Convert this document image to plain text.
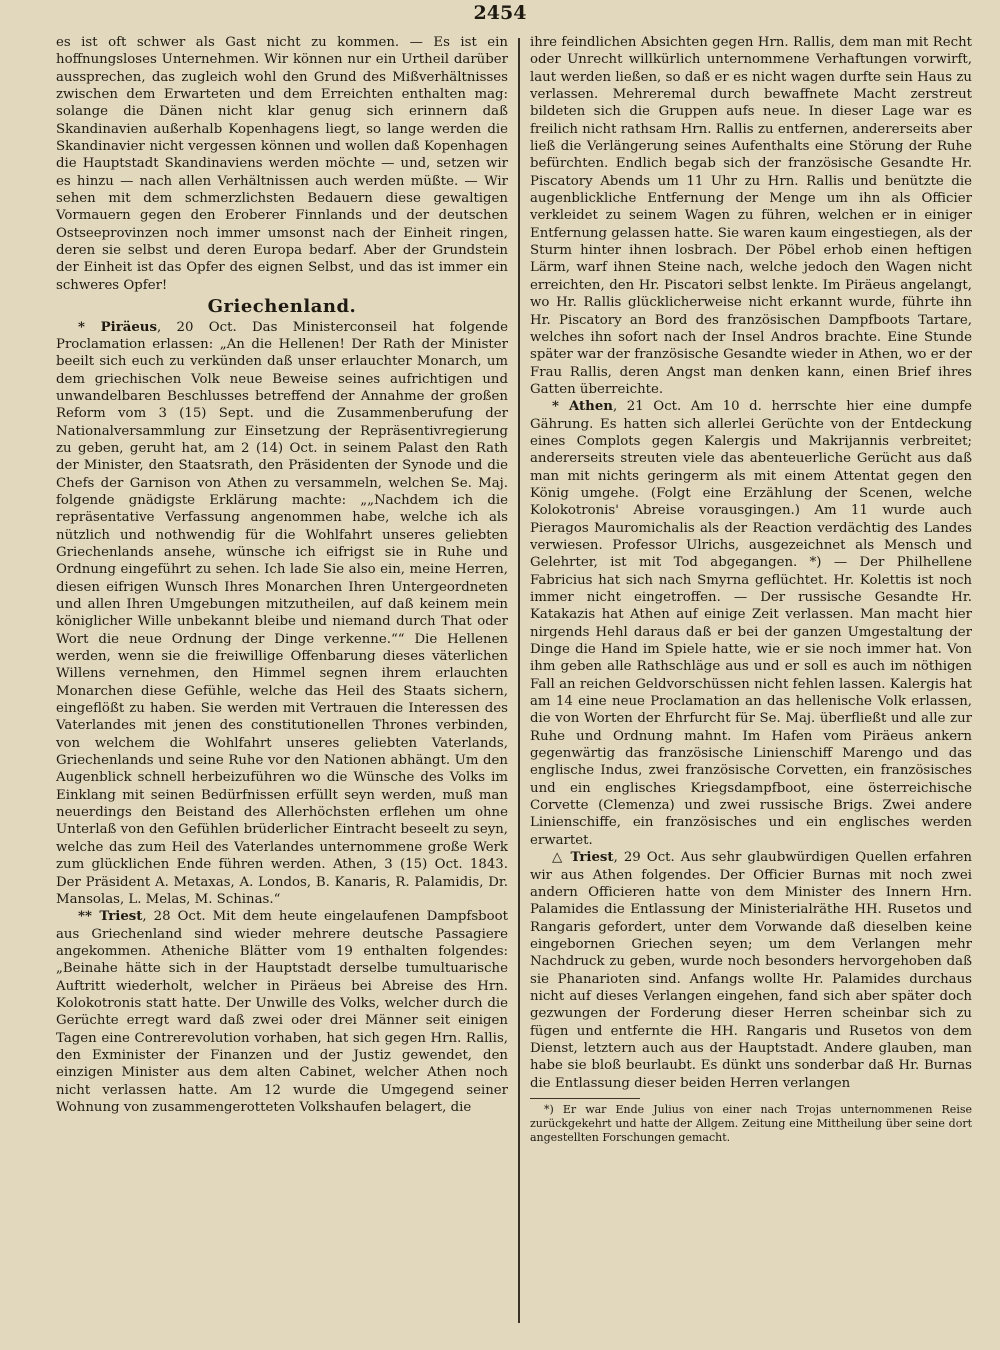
2454

es ist oft schwer als Gast nicht zu kommen. — Es ist ein hoffnungsloses Unternehmen. Wir können nur ein Urtheil darüber aussprechen, das zugleich wohl den Grund des Mißverhältnisses zwischen dem Erwarteten und dem Erreichten enthalten mag: solange die Dänen nicht klar genug sich erinnern daß Skandinavien außerhalb Kopenhagens liegt, so lange werden die Skandinavier nicht vergessen können und wollen daß Kopenhagen die Hauptstadt Skandinaviens werden möchte — und, setzen wir es hinzu — nach allen Verhältnissen auch werden müßte. — Wir sehen mit dem schmerzlichsten Bedauern diese gewaltigen Vormauern gegen den Eroberer Finnlands und der deutschen Ostseeprovinzen noch immer umsonst nach der Einheit ringen, deren sie selbst und deren Europa bedarf. Aber der Grundstein der Einheit ist das Opfer des eignen Selbst, und das ist immer ein schweres Opfer!

Griechenland.

* Piräeus, 20 Oct. Das Ministerconseil hat folgende Proclamation erlassen: „An die Hellenen! Der Rath der Minister beeilt sich euch zu verkünden daß unser erlauchter Monarch, um dem griechischen Volk neue Beweise seines aufrichtigen und unwandelbaren Beschlusses betreffend der Annahme der großen Reform vom 3 (15) Sept. und die Zusammenberufung der Nationalversammlung zur Einsetzung der Repräsentivregierung zu geben, geruht hat, am 2 (14) Oct. in seinem Palast den Rath der Minister, den Staatsrath, den Präsidenten der Synode und die Chefs der Garnison von Athen zu versammeln, welchen Se. Maj. folgende gnädigste Erklärung machte: „„Nachdem ich die repräsentative Verfassung angenommen habe, welche ich als nützlich und nothwendig für die Wohlfahrt unseres geliebten Griechenlands ansehe, wünsche ich eifrigst sie in Ruhe und Ordnung eingeführt zu sehen. Ich lade Sie also ein, meine Herren, diesen eifrigen Wunsch Ihres Monarchen Ihren Untergeordneten und allen Ihren Umgebungen mitzutheilen, auf daß keinem mein königlicher Wille unbekannt bleibe und niemand durch That oder Wort die neue Ordnung der Dinge verkenne.““ Die Hellenen werden, wenn sie die freiwillige Offenbarung dieses väterlichen Willens vernehmen, den Himmel segnen ihrem erlauchten Monarchen diese Gefühle, welche das Heil des Staats sichern, eingeflößt zu haben. Sie werden mit Vertrauen die Interessen des Vaterlandes mit jenen des constitutionellen Thrones verbinden, von welchem die Wohlfahrt unseres geliebten Vaterlands, Griechenlands und seine Ruhe vor den Nationen abhängt. Um den Augenblick schnell herbeizuführen wo die Wünsche des Volks im Einklang mit seinen Bedürfnissen erfüllt seyn werden, muß man neuerdings den Beistand des Allerhöchsten erflehen um ohne Unterlaß von den Gefühlen brüderlicher Eintracht beseelt zu seyn, welche das zum Heil des Vaterlandes unternommene große Werk zum glücklichen Ende führen werden. Athen, 3 (15) Oct. 1843. Der Präsident A. Metaxas, A. Londos, B. Kanaris, R. Palamidis, Dr. Mansolas, L. Melas, M. Schinas.“

** Triest, 28 Oct. Mit dem heute eingelaufenen Dampfsboot aus Griechenland sind wieder mehrere deutsche Passagiere angekommen. Atheniche Blätter vom 19 enthalten folgendes: „Beinahe hätte sich in der Hauptstadt derselbe tumultuarische Auftritt wiederholt, welcher in Piräeus bei Abreise des Hrn. Kolokotronis statt hatte. Der Unwille des Volks, welcher durch die Gerüchte erregt ward daß zwei oder drei Männer seit einigen Tagen eine Contrerevolution vorhaben, hat sich gegen Hrn. Rallis, den Exminister der Finanzen und der Justiz gewendet, den einzigen Minister aus dem alten Cabinet, welcher Athen noch nicht verlassen hatte. Am 12 wurde die Umgegend seiner Wohnung von zusammengerotteten Volkshaufen belagert, die

ihre feindlichen Absichten gegen Hrn. Rallis, dem man mit Recht oder Unrecht willkürlich unternommene Verhaftungen vorwirft, laut werden ließen, so daß er es nicht wagen durfte sein Haus zu verlassen. Mehreremal durch bewaffnete Macht zerstreut bildeten sich die Gruppen aufs neue. In dieser Lage war es freilich nicht rathsam Hrn. Rallis zu entfernen, andererseits aber ließ die Verlängerung seines Aufenthalts eine Störung der Ruhe befürchten. Endlich begab sich der französische Gesandte Hr. Piscatory Abends um 11 Uhr zu Hrn. Rallis und benützte die augenblickliche Entfernung der Menge um ihn als Officier verkleidet zu seinem Wagen zu führen, welchen er in einiger Entfernung gelassen hatte. Sie waren kaum eingestiegen, als der Sturm hinter ihnen losbrach. Der Pöbel erhob einen heftigen Lärm, warf ihnen Steine nach, welche jedoch den Wagen nicht erreichten, den Hr. Piscatori selbst lenkte. Im Piräeus angelangt, wo Hr. Rallis glücklicherweise nicht erkannt wurde, führte ihn Hr. Piscatory an Bord des französischen Dampfboots Tartare, welches ihn sofort nach der Insel Andros brachte. Eine Stunde später war der französische Gesandte wieder in Athen, wo er der Frau Rallis, deren Angst man denken kann, einen Brief ihres Gatten überreichte.

* Athen, 21 Oct. Am 10 d. herrschte hier eine dumpfe Gährung. Es hatten sich allerlei Gerüchte von der Entdeckung eines Complots gegen Kalergis und Makrijannis verbreitet; andererseits streuten viele das abenteuerliche Gerücht aus daß man mit nichts geringerm als mit einem Attentat gegen den König umgehe. (Folgt eine Erzählung der Scenen, welche Kolokotronis' Abreise vorausgingen.) Am 11 wurde auch Pieragos Mauromichalis als der Reaction verdächtig des Landes verwiesen. Professor Ulrichs, ausgezeichnet als Mensch und Gelehrter, ist mit Tod abgegangen. *) — Der Philhellene Fabricius hat sich nach Smyrna geflüchtet. Hr. Kolettis ist noch immer nicht eingetroffen. — Der russische Gesandte Hr. Katakazis hat Athen auf einige Zeit verlassen. Man macht hier nirgends Hehl daraus daß er bei der ganzen Umgestaltung der Dinge die Hand im Spiele hatte, wie er sie noch immer hat. Von ihm geben alle Rathschläge aus und er soll es auch im nöthigen Fall an reichen Geldvorschüssen nicht fehlen lassen. Kalergis hat am 14 eine neue Proclamation an das hellenische Volk erlassen, die von Worten der Ehrfurcht für Se. Maj. überfließt und alle zur Ruhe und Ordnung mahnt. Im Hafen vom Piräeus ankern gegenwärtig das französische Linienschiff Marengo und das englische Indus, zwei französische Corvetten, ein französisches und ein englisches Kriegsdampfboot, eine österreichische Corvette (Clemenza) und zwei russische Brigs. Zwei andere Linienschiffe, ein französisches und ein englisches werden erwartet.

△ Triest, 29 Oct. Aus sehr glaubwürdigen Quellen erfahren wir aus Athen folgendes. Der Officier Burnas mit noch zwei andern Officieren hatte von dem Minister des Innern Hrn. Palamides die Entlassung der Ministerialräthe HH. Rusetos und Rangaris gefordert, unter dem Vorwande daß dieselben keine eingebornen Griechen seyen; um dem Verlangen mehr Nachdruck zu geben, wurde noch besonders hervorgehoben daß sie Phanarioten sind. Anfangs wollte Hr. Palamides durchaus nicht auf dieses Verlangen eingehen, fand sich aber später doch gezwungen der Forderung dieser Herren scheinbar sich zu fügen und entfernte die HH. Rangaris und Rusetos von dem Dienst, letztern auch aus der Hauptstadt. Andere glauben, man habe sie bloß beurlaubt. Es dünkt uns sonderbar daß Hr. Burnas die Entlassung dieser beiden Herren verlangen

*) Er war Ende Julius von einer nach Trojas unternommenen Reise zurückgekehrt und hatte der Allgem. Zeitung eine Mittheilung über seine dort angestellten Forschungen gemacht.
